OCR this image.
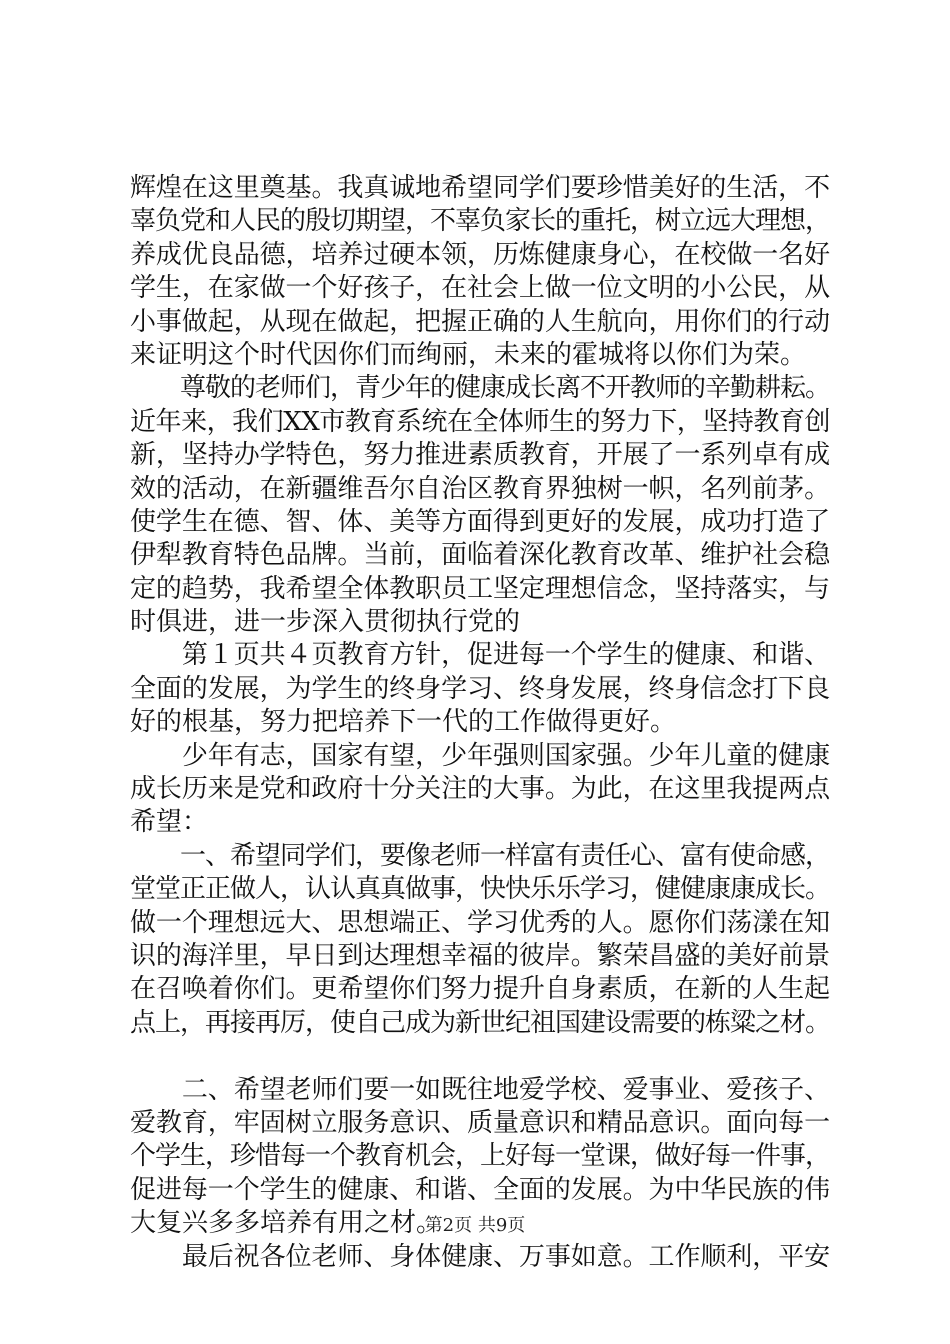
辉煌在这里奠基。我真诚地希望同学们要珍惜美好的生活，不
辜负党和人民的殷切期望，不辜负家长的重托，树立远大理想，
养成优良品德，培养过硬本领，历炼健康身心，在校做一名好
学生，在家做一个好孩子，在社会上做一位文明的小公民，从
小事做起，从现在做起，把握正确的人生航向，用你们的行动
来证明这个时代因你们而绚丽，未来的霍城将以你们为荣。
　　尊敬的老师们，青少年的健康成长离不开教师的辛勤耕耘。
近年来，我们XX市教育系统在全体师生的努力下，坚持教育创
新，坚持办学特色，努力推进素质教育，开展了一系列卓有成
效的活动，在新疆维吾尔自治区教育界独树一帜，名列前茅。
使学生在德、智、体、美等方面得到更好的发展，成功打造了
伊犁教育特色品牌。当前，面临着深化教育改革、维护社会稳
定的趋势，我希望全体教职员工坚定理想信念，坚持落实，与
时俱进，进一步深入贯彻执行党的
　　第１页共４页教育方针，促进每一个学生的健康、和谐、
全面的发展，为学生的终身学习、终身发展，终身信念打下良
好的根基，努力把培养下一代的工作做得更好。
　　少年有志，国家有望，少年强则国家强。少年儿童的健康
成长历来是党和政府十分关注的大事。为此，在这里我提两点
希望：
　　一、希望同学们，要像老师一样富有责任心、富有使命感，
堂堂正正做人，认认真真做事，快快乐乐学习，健健康康成长。
做一个理想远大、思想端正、学习优秀的人。愿你们荡漾在知
识的海洋里，早日到达理想幸福的彼岸。繁荣昌盛的美好前景
在召唤着你们。更希望你们努力提升自身素质，在新的人生起
点上，再接再厉，使自己成为新世纪祖国建设需要的栋粱之材。
　　二、希望老师们要一如既往地爱学校、爱事业、爱孩子、
爱教育，牢固树立服务意识、质量意识和精品意识。面向每一
个学生，珍惜每一个教育机会，上好每一堂课，做好每一件事，
促进每一个学生的健康、和谐、全面的发展。为中华民族的伟
大复兴多多培养有用之材。
　　最后祝各位老师、身体健康、万事如意。工作顺利，平安
第2页 共9页
